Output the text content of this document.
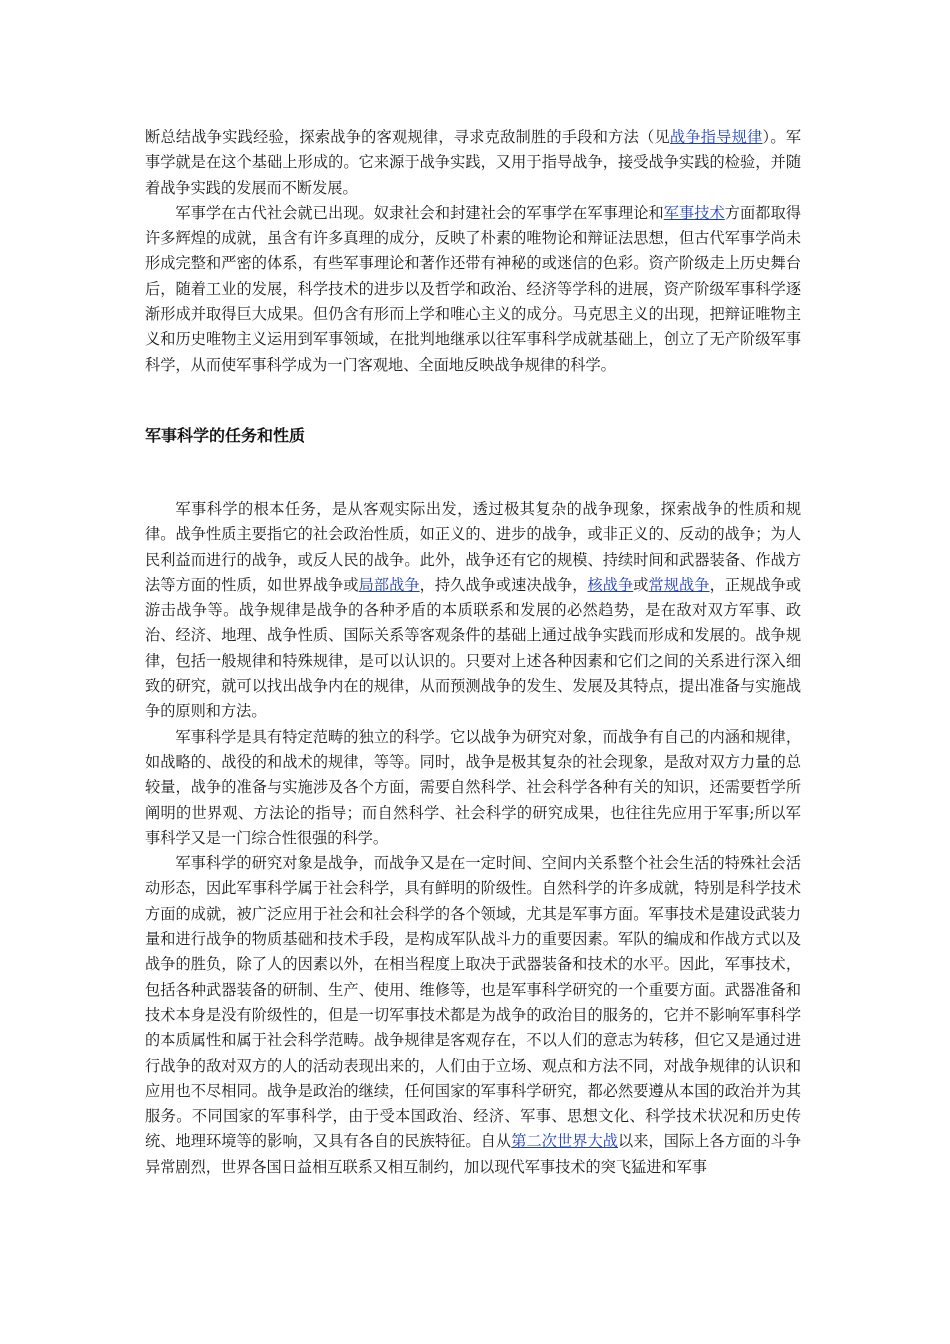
断总结战争实践经验，探索战争的客观规律，寻求克敌制胜的手段和方法（见战争指导规律）。军事学就是在这个基础上形成的。它来源于战争实践，又用于指导战争，接受战争实践的检验，并随着战争实践的发展而不断发展。

军事学在古代社会就已出现。奴隶社会和封建社会的军事学在军事理论和军事技术方面都取得许多辉煌的成就，虽含有许多真理的成分，反映了朴素的唯物论和辩证法思想，但古代军事学尚未形成完整和严密的体系，有些军事理论和著作还带有神秘的或迷信的色彩。资产阶级走上历史舞台后，随着工业的发展，科学技术的进步以及哲学和政治、经济等学科的进展，资产阶级军事科学逐渐形成并取得巨大成果。但仍含有形而上学和唯心主义的成分。马克思主义的出现，把辩证唯物主义和历史唯物主义运用到军事领域，在批判地继承以往军事科学成就基础上，创立了无产阶级军事科学，从而使军事科学成为一门客观地、全面地反映战争规律的科学。

军事科学的任务和性质

军事科学的根本任务，是从客观实际出发，透过极其复杂的战争现象，探索战争的性质和规律。战争性质主要指它的社会政治性质，如正义的、进步的战争，或非正义的、反动的战争；为人民利益而进行的战争，或反人民的战争。此外，战争还有它的规模、持续时间和武器装备、作战方法等方面的性质，如世界战争或局部战争，持久战争或速决战争，核战争或常规战争，正规战争或游击战争等。战争规律是战争的各种矛盾的本质联系和发展的必然趋势，是在敌对双方军事、政治、经济、地理、战争性质、国际关系等客观条件的基础上通过战争实践而形成和发展的。战争规律，包括一般规律和特殊规律，是可以认识的。只要对上述各种因素和它们之间的关系进行深入细致的研究，就可以找出战争内在的规律，从而预测战争的发生、发展及其特点，提出准备与实施战争的原则和方法。

军事科学是具有特定范畴的独立的科学。它以战争为研究对象，而战争有自己的内涵和规律，如战略的、战役的和战术的规律，等等。同时，战争是极其复杂的社会现象，是敌对双方力量的总较量，战争的准备与实施涉及各个方面，需要自然科学、社会科学各种有关的知识，还需要哲学所阐明的世界观、方法论的指导；而自然科学、社会科学的研究成果，也往往先应用于军事;所以军事科学又是一门综合性很强的科学。

军事科学的研究对象是战争，而战争又是在一定时间、空间内关系整个社会生活的特殊社会活动形态，因此军事科学属于社会科学，具有鲜明的阶级性。自然科学的许多成就，特别是科学技术方面的成就，被广泛应用于社会和社会科学的各个领域，尤其是军事方面。军事技术是建设武装力量和进行战争的物质基础和技术手段，是构成军队战斗力的重要因素。军队的编成和作战方式以及战争的胜负，除了人的因素以外，在相当程度上取决于武器装备和技术的水平。因此，军事技术，包括各种武器装备的研制、生产、使用、维修等，也是军事科学研究的一个重要方面。武器准备和技术本身是没有阶级性的，但是一切军事技术都是为战争的政治目的服务的，它并不影响军事科学的本质属性和属于社会科学范畴。战争规律是客观存在，不以人们的意志为转移，但它又是通过进行战争的敌对双方的人的活动表现出来的，人们由于立场、观点和方法不同，对战争规律的认识和应用也不尽相同。战争是政治的继续，任何国家的军事科学研究，都必然要遵从本国的政治并为其服务。不同国家的军事科学，由于受本国政治、经济、军事、思想文化、科学技术状况和历史传统、地理环境等的影响，又具有各自的民族特征。自从第二次世界大战以来，国际上各方面的斗争异常剧烈，世界各国日益相互联系又相互制约，加以现代军事技术的突飞猛进和军事
